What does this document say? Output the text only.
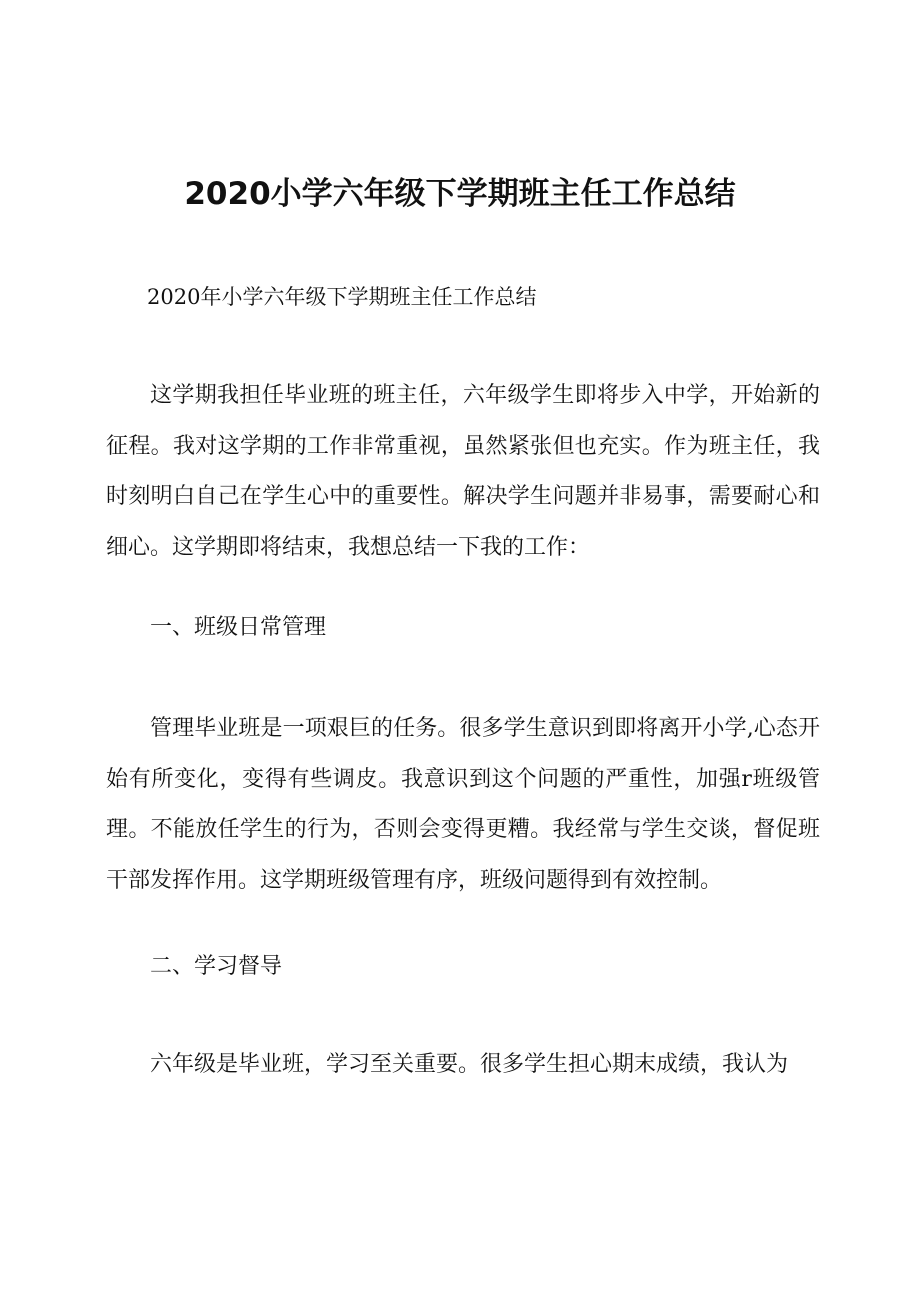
2020小学六年级下学期班主任工作总结

2020年小学六年级下学期班主任工作总结

这学期我担任毕业班的班主任，六年级学生即将步入中学，开始新的征程。我对这学期的工作非常重视，虽然紧张但也充实。作为班主任，我时刻明白自己在学生心中的重要性。解决学生问题并非易事，需要耐心和细心。这学期即将结束，我想总结一下我的工作：

一、班级日常管理

管理毕业班是一项艰巨的任务。很多学生意识到即将离开小学,心态开始有所变化，变得有些调皮。我意识到这个问题的严重性，加强r班级管理。不能放任学生的行为，否则会变得更糟。我经常与学生交谈，督促班干部发挥作用。这学期班级管理有序，班级问题得到有效控制。

二、学习督导

六年级是毕业班，学习至关重要。很多学生担心期末成绩，我认为
